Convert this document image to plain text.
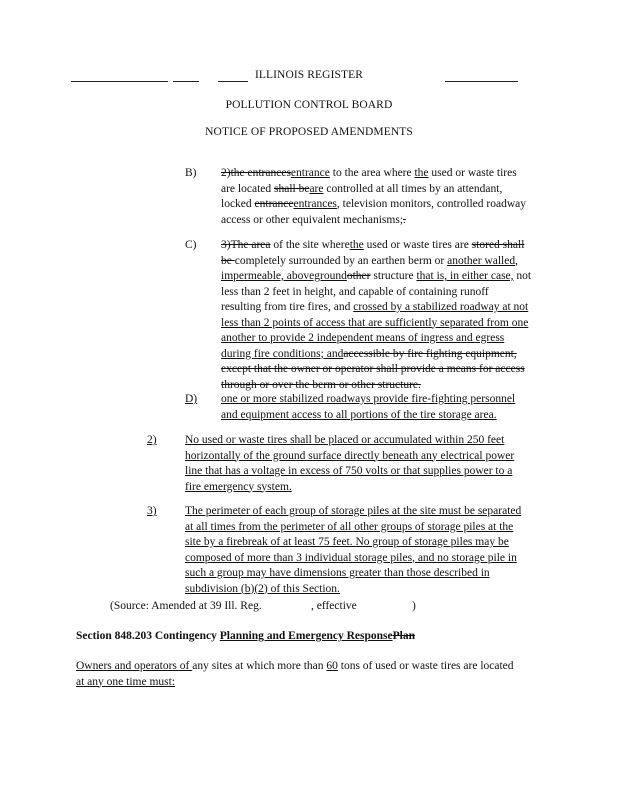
ILLINOIS REGISTER
POLLUTION CONTROL BOARD
NOTICE OF PROPOSED AMENDMENTS
B) 2)the entrancesentrance to the area where the used or waste tires
are located shall beare controlled at all times by an attendant,
locked entranceentrances, television monitors, controlled roadway
access or other equivalent mechanisms;.
C) 3)The area of the site wherethe used or waste tires are stored shall
be completely surrounded by an earthen berm or another walled,
impermeable, abovegroundother structure that is, in either case, not
less than 2 feet in height, and capable of containing runoff
resulting from tire fires, and crossed by a stabilized roadway at not
less than 2 points of access that are sufficiently separated from one
another to provide 2 independent means of ingress and egress
during fire conditions; andaccessible by fire fighting equipment,
except that the owner or operator shall provide a means for access
through or over the berm or other structure.
D) one or more stabilized roadways provide fire-fighting personnel
and equipment access to all portions of the tire storage area.
2) No used or waste tires shall be placed or accumulated within 250 feet
horizontally of the ground surface directly beneath any electrical power
line that has a voltage in excess of 750 volts or that supplies power to a
fire emergency system.
3) The perimeter of each group of storage piles at the site must be separated
at all times from the perimeter of all other groups of storage piles at the
site by a firebreak of at least 75 feet. No group of storage piles may be
composed of more than 3 individual storage piles, and no storage pile in
such a group may have dimensions greater than those described in
subdivision (b)(2) of this Section.
(Source: Amended at 39 Ill. Reg.	, effective	)
Section 848.203 Contingency Planning and Emergency ResponsePlan
Owners and operators of any sites at which more than 60 tons of used or waste tires are located
at any one time must:
